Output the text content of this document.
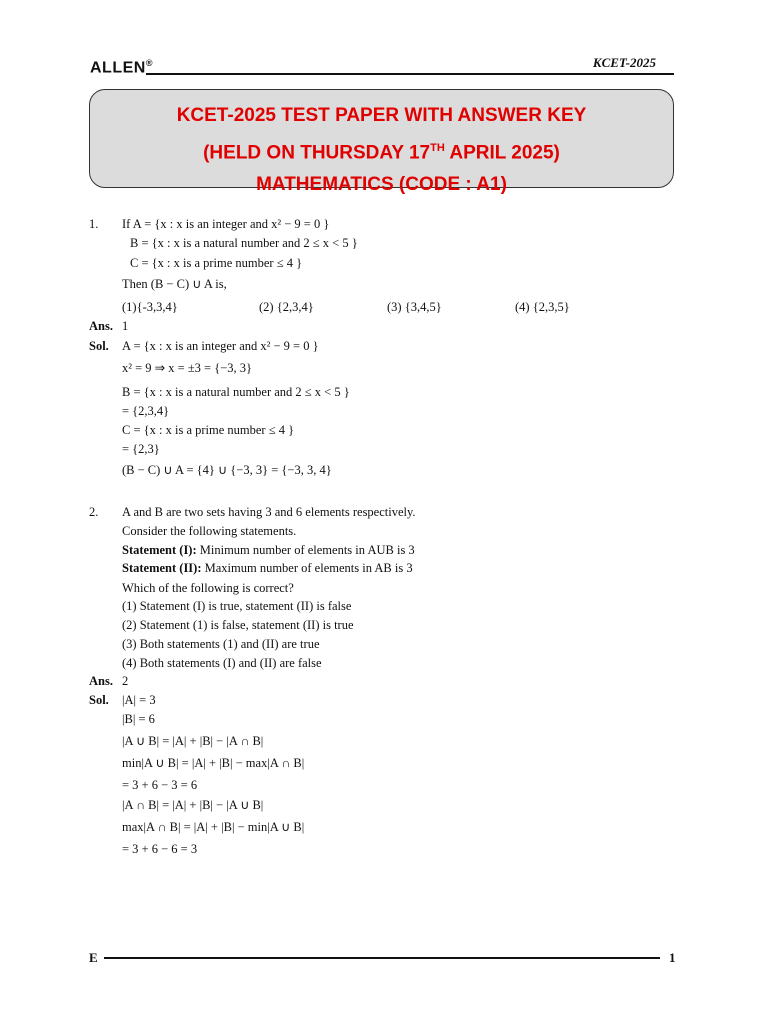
ALLEN®	KCET-2025
KCET-2025 TEST PAPER WITH ANSWER KEY
(HELD ON THURSDAY 17TH APRIL 2025)
MATHEMATICS (CODE : A1)
1. If A = {x : x is an integer and x² − 9 = 0 }
B = {x : x is a natural number and 2 ≤ x < 5 }
C = {x : x is a prime number ≤ 4 }
Then (B − C) ∪ A is,
(1){-3,3,4}	(2) {2,3,4}	(3) {3,4,5}	(4) {2,3,5}
Ans. 1
Sol. A = {x : x is an integer and x² − 9 = 0 }
x² = 9 ⇒ x = ±3 = {−3, 3}
B = {x : x is a natural number and 2 ≤ x < 5 }
= {2,3,4}
C = {x : x is a prime number ≤ 4 }
= {2,3}
(B − C) ∪ A = {4} ∪ {−3, 3} = {−3, 3, 4}
2. A and B are two sets having 3 and 6 elements respectively.
Consider the following statements.
Statement (I): Minimum number of elements in AUB is 3
Statement (II): Maximum number of elements in AB is 3
Which of the following is correct?
(1) Statement (I) is true, statement (II) is false
(2) Statement (1) is false, statement (II) is true
(3) Both statements (1) and (II) are true
(4) Both statements (I) and (II) are false
Ans. 2
Sol. |A| = 3
|B| = 6
|A ∪ B| = |A| + |B| − |A ∩ B|
min|A ∪ B| = |A| + |B| − max|A ∩ B|
= 3 + 6 − 3 = 6
|A ∩ B| = |A| + |B| − |A ∪ B|
max|A ∩ B| = |A| + |B| − min|A ∪ B|
= 3 + 6 − 6 = 3
E	1
